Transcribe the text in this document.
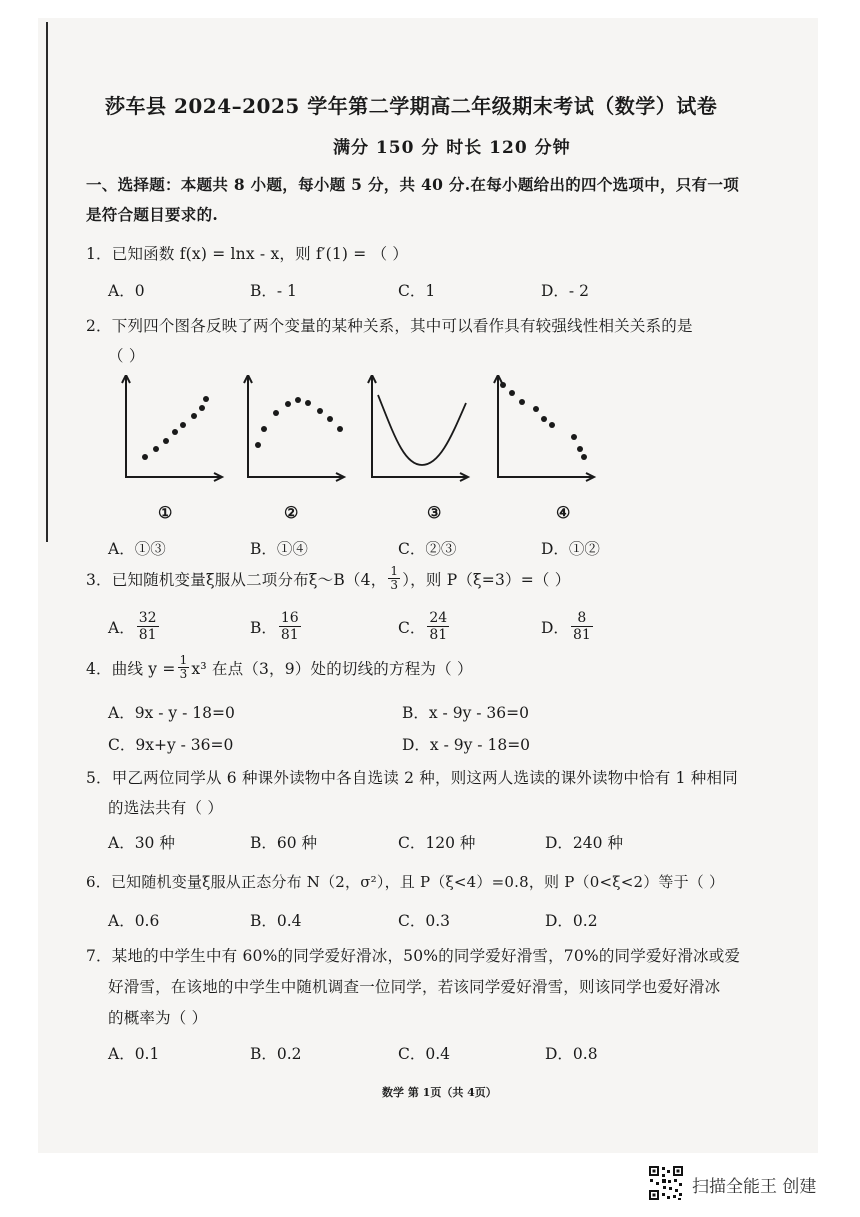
莎车县 2024–2025 学年第二学期高二年级期末考试（数学）试卷
满分 150 分 时长 120 分钟
一、选择题：本题共 8 小题，每小题 5 分，共 40 分.在每小题给出的四个选项中，只有一项
是符合题目要求的.
1．已知函数 f(x) = lnx - x，则 f′(1) = （ ）
A．0	B．- 1	C．1	D．- 2
2．下列四个图各反映了两个变量的某种关系，其中可以看作具有较强线性相关关系的是
（ ）
①	②	③	④
A．①③	B．①④	C．②③	D．①②
3．已知随机变量ξ服从二项分布ξ～B（4， $\frac{1}{3}$ ），则 P（ξ=3）=（ ）
A． $\frac{32}{81}$	B． $\frac{16}{81}$	C． $\frac{24}{81}$	D． $\frac{8}{81}$
4．曲线 $y = \frac{1}{3} x^3$ 在点（3，9）处的切线的方程为（ ）
A．9x - y - 18=0	B．x - 9y - 36=0
C．9x+y - 36=0	D．x - 9y - 18=0
5．甲乙两位同学从 6 种课外读物中各自选读 2 种，则这两人选读的课外读物中恰有 1 种相同
的选法共有（ ）
A．30 种	B．60 种	C．120 种	D．240 种
6．已知随机变量ξ服从正态分布 N（2，σ²），且 P（ξ<4）=0.8，则 P（0<ξ<2）等于（ ）
A．0.6	B．0.4	C．0.3	D．0.2
7．某地的中学生中有 60%的同学爱好滑冰，50%的同学爱好滑雪，70%的同学爱好滑冰或爱
好滑雪，在该地的中学生中随机调查一位同学，若该同学爱好滑雪，则该同学也爱好滑冰
的概率为（ ）
A．0.1	B．0.2	C．0.4	D．0.8
数学 第 1页（共 4页）
扫描全能王 创建
